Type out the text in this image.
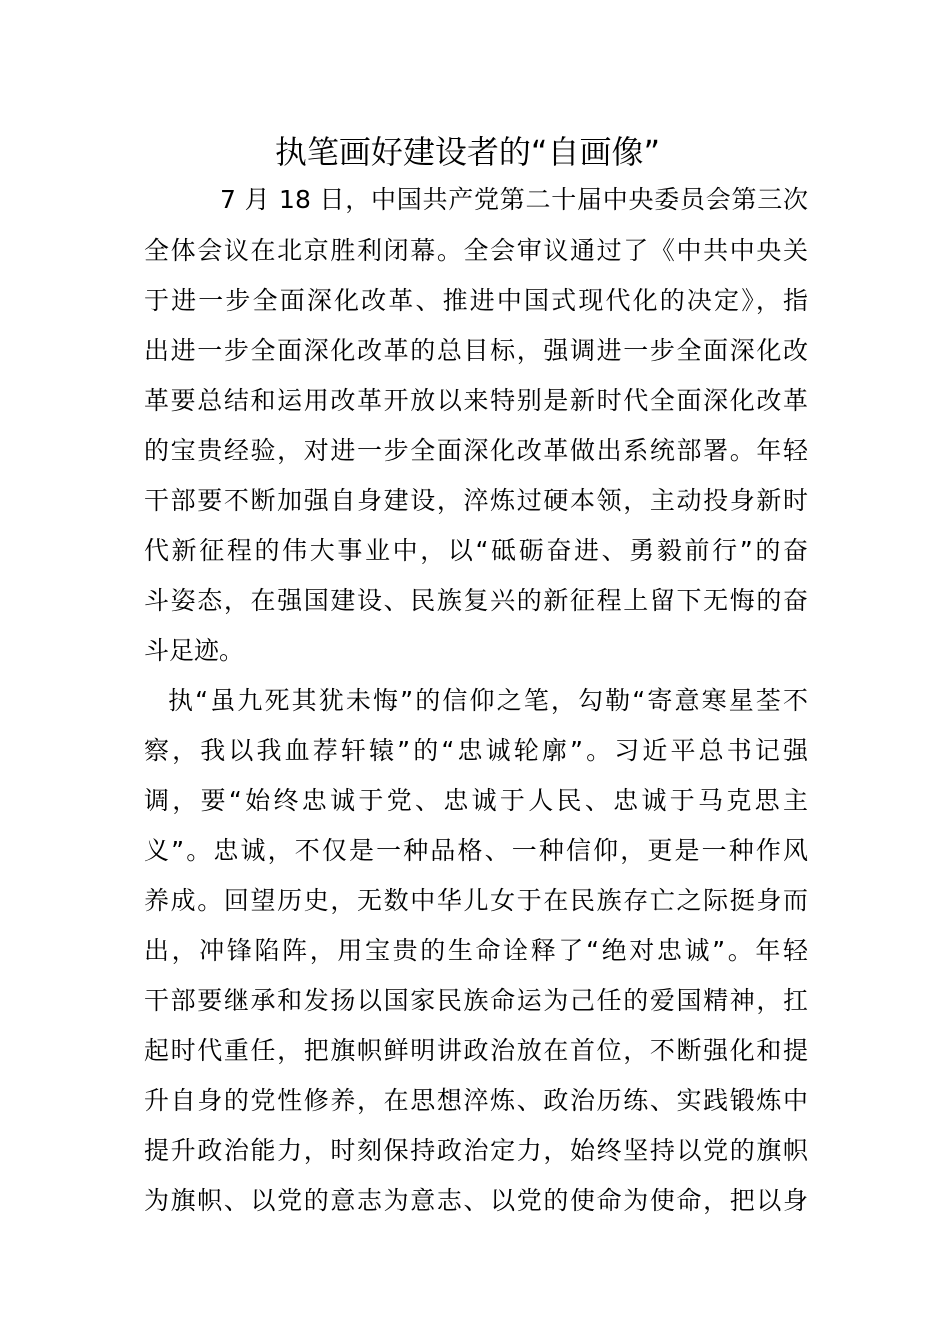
执笔画好建设者的“自画像”
7 月 18 日，中国共产党第二十届中央委员会第三次
全体会议在北京胜利闭幕。全会审议通过了《中共中央关
于进一步全面深化改革、推进中国式现代化的决定》，指
出进一步全面深化改革的总目标，强调进一步全面深化改
革要总结和运用改革开放以来特别是新时代全面深化改革
的宝贵经验，对进一步全面深化改革做出系统部署。年轻
干部要不断加强自身建设，淬炼过硬本领，主动投身新时
代新征程的伟大事业中，以“砥砺奋进、勇毅前行”的奋
斗姿态，在强国建设、民族复兴的新征程上留下无悔的奋
斗足迹。
执“虽九死其犹未悔”的信仰之笔，勾勒“寄意寒星荃不
察，我以我血荐轩辕”的“忠诚轮廓”。习近平总书记强
调，要“始终忠诚于党、忠诚于人民、忠诚于马克思主
义”。忠诚，不仅是一种品格、一种信仰，更是一种作风
养成。回望历史，无数中华儿女于在民族存亡之际挺身而
出，冲锋陷阵，用宝贵的生命诠释了“绝对忠诚”。年轻
干部要继承和发扬以国家民族命运为己任的爱国精神，扛
起时代重任，把旗帜鲜明讲政治放在首位，不断强化和提
升自身的党性修养，在思想淬炼、政治历练、实践锻炼中
提升政治能力，时刻保持政治定力，始终坚持以党的旗帜
为旗帜、以党的意志为意志、以党的使命为使命，把以身
